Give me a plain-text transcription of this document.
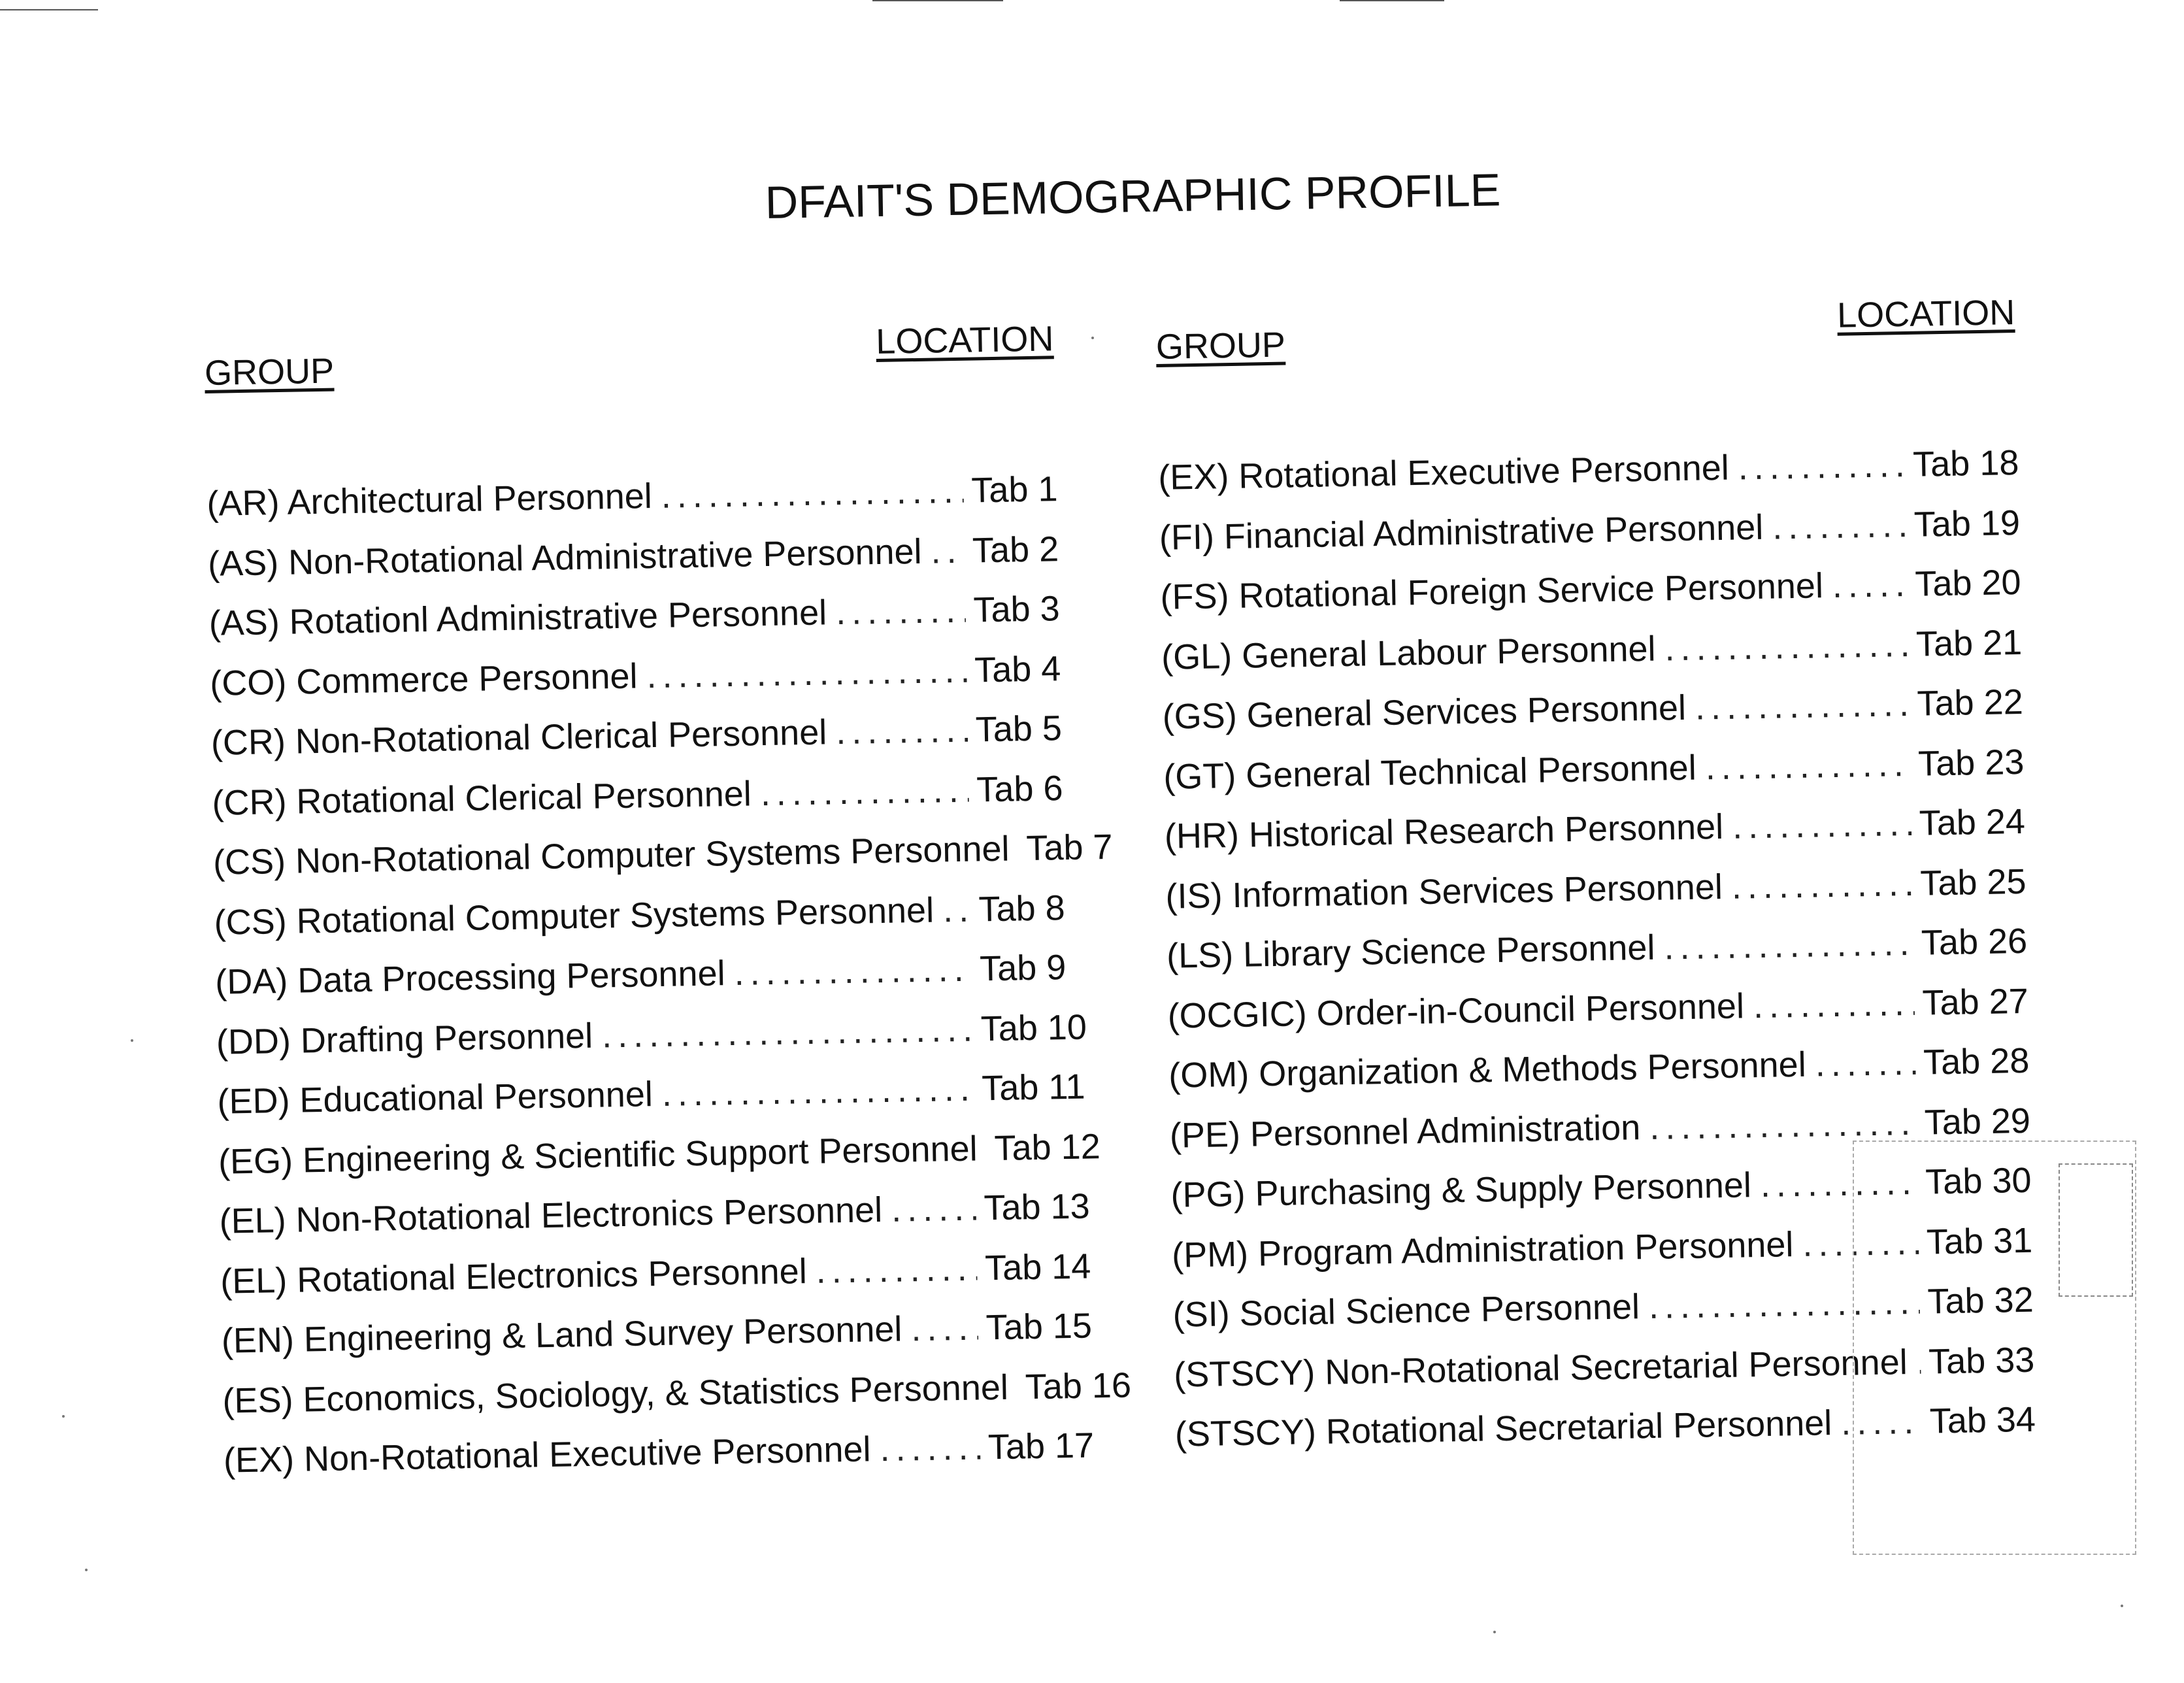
DFAIT'S DEMOGRAPHIC PROFILE
GROUP
LOCATION
(AR) Architectural Personnel .....	Tab 1
(AS) Non-Rotational Administrative Personnel ..... Tab 2
(AS) Rotationl Administrative Personnel .....	Tab 3
(CO) Commerce Personnel .....	Tab 4
(CR) Non-Rotational Clerical Personnel .....	Tab 5
(CR) Rotational Clerical Personnel .....	Tab 6
(CS) Non-Rotational Computer Systems Personnel ..... Tab 7
(CS) Rotational Computer Systems Personnel ..... Tab 8
(DA) Data Processing Personnel .....	Tab 9
(DD) Drafting Personnel .....	Tab 10
(ED) Educational Personnel .....	Tab 11
(EG) Engineering & Scientific Support Personnel ..... Tab 12
(EL) Non-Rotational Electronics Personnel .....	Tab 13
(EL) Rotational Electronics Personnel .....	Tab 14
(EN) Engineering & Land Survey Personnel ..... Tab 15
(ES) Economics, Sociology, & Statistics Personnel ..... Tab 16
(EX) Non-Rotational Executive Personnel .....	Tab 17
GROUP
LOCATION
(EX) Rotational Executive Personnel .....	Tab 18
(FI) Financial Administrative Personnel .....	Tab 19
(FS) Rotational Foreign Service Personnel .....	Tab 20
(GL) General Labour Personnel .....	Tab 21
(GS) General Services Personnel .....	Tab 22
(GT) General Technical Personnel .....	Tab 23
(HR) Historical Research Personnel .....	Tab 24
(IS) Information Services Personnel .....	Tab 25
(LS) Library Science Personnel .....	Tab 26
(OCGIC) Order-in-Council Personnel .....	Tab 27
(OM) Organization & Methods Personnel .....	Tab 28
(PE) Personnel Administration .....	Tab 29
(PG) Purchasing & Supply Personnel .....	Tab 30
(PM) Program Administration Personnel .....	Tab 31
(SI) Social Science Personnel .....	Tab 32
(STSCY) Non-Rotational Secretarial Personnel ..... Tab 33
(STSCY) Rotational Secretarial Personnel .....	Tab 34
